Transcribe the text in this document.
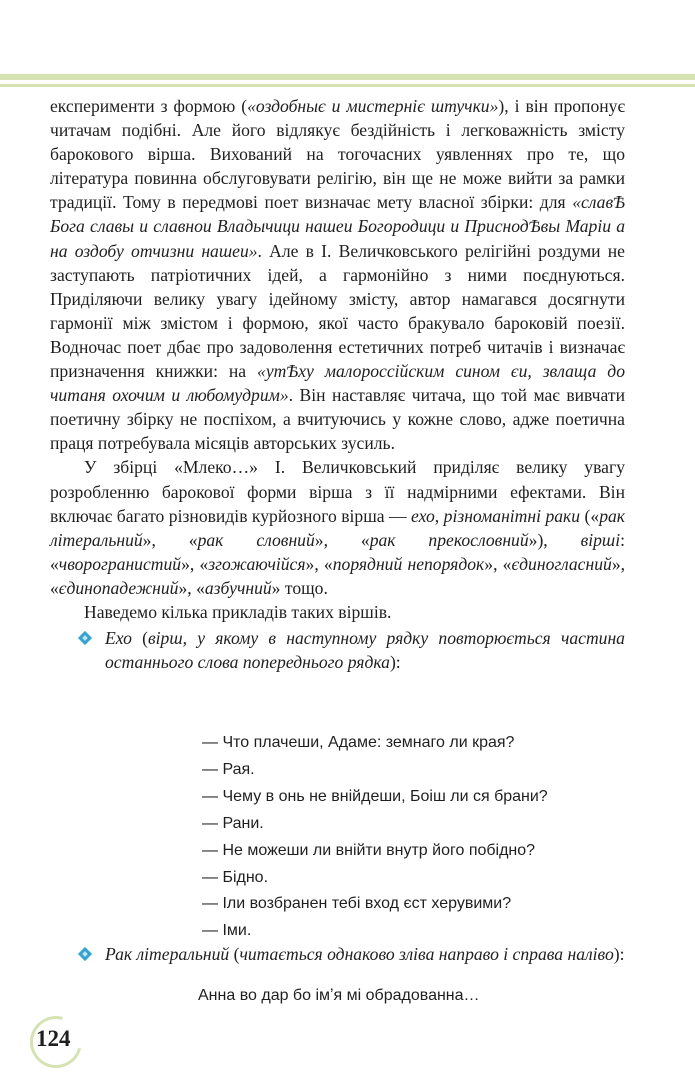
експерименти з формою («оздобныє и мистерніє штучки»), і він пропонує читачам подібні. Але його відлякує бездійність і легковажність змісту барокового вірша. Вихований на тогочасних уявленнях про те, що література повинна обслуговувати релігію, він ще не може вийти за рамки традиції. Тому в передмові поет визначає мету власної збірки: для «славѢ Бога славы и славнои Владычици нашеи Богородици и ПриснодѢвы Маріи а на оздобу отчизни нашеи». Але в І. Величковського релігійні роздуми не заступають патріотичних ідей, а гармонійно з ними поєднуються. Приділяючи велику увагу ідейному змісту, автор намагався досягнути гармонії між змістом і формою, якої часто бракувало бароковій поезії. Водночас поет дбає про задоволення естетичних потреб читачів і визначає призначення книжки: на «утѢху малороссійским сином єи, звлаща до читаня охочим и любомудрим». Він наставляє читача, що той має вивчати поетичну збірку не поспіхом, а вчитуючись у кожне слово, адже поетична праця потребувала місяців авторських зусиль.

У збірці «Млеко…» І. Величковський приділяє велику увагу розробленню барокової форми вірша з її надмірними ефектами. Він включає багато різновидів курйозного вірша — ехо, різноманітні раки («рак літеральний», «рак словний», «рак прекословний»), вірші: «чворогранистий», «згожаючійся», «порядний непорядок», «єдиногласний», «єдинопадежний», «азбучний» тощо.

Наведемо кілька прикладів таких віршів.

Ехо (вірш, у якому в наступному рядку повторюється частина останнього слова попереднього рядка):
— Что плачеши, Адаме: земнаго ли края?
— Рая.
— Чему в онь не внійдеши, Боіш ли ся брани?
— Рани.
— Не можеши ли внійти внутр його побідно?
— Бідно.
— Іли возбранен тебі вход єст херувими?
— Іми.
Рак літеральний (читається однаково зліва направо і справа наліво):
Анна во дар бо імʼя мі обрадованна…
124
